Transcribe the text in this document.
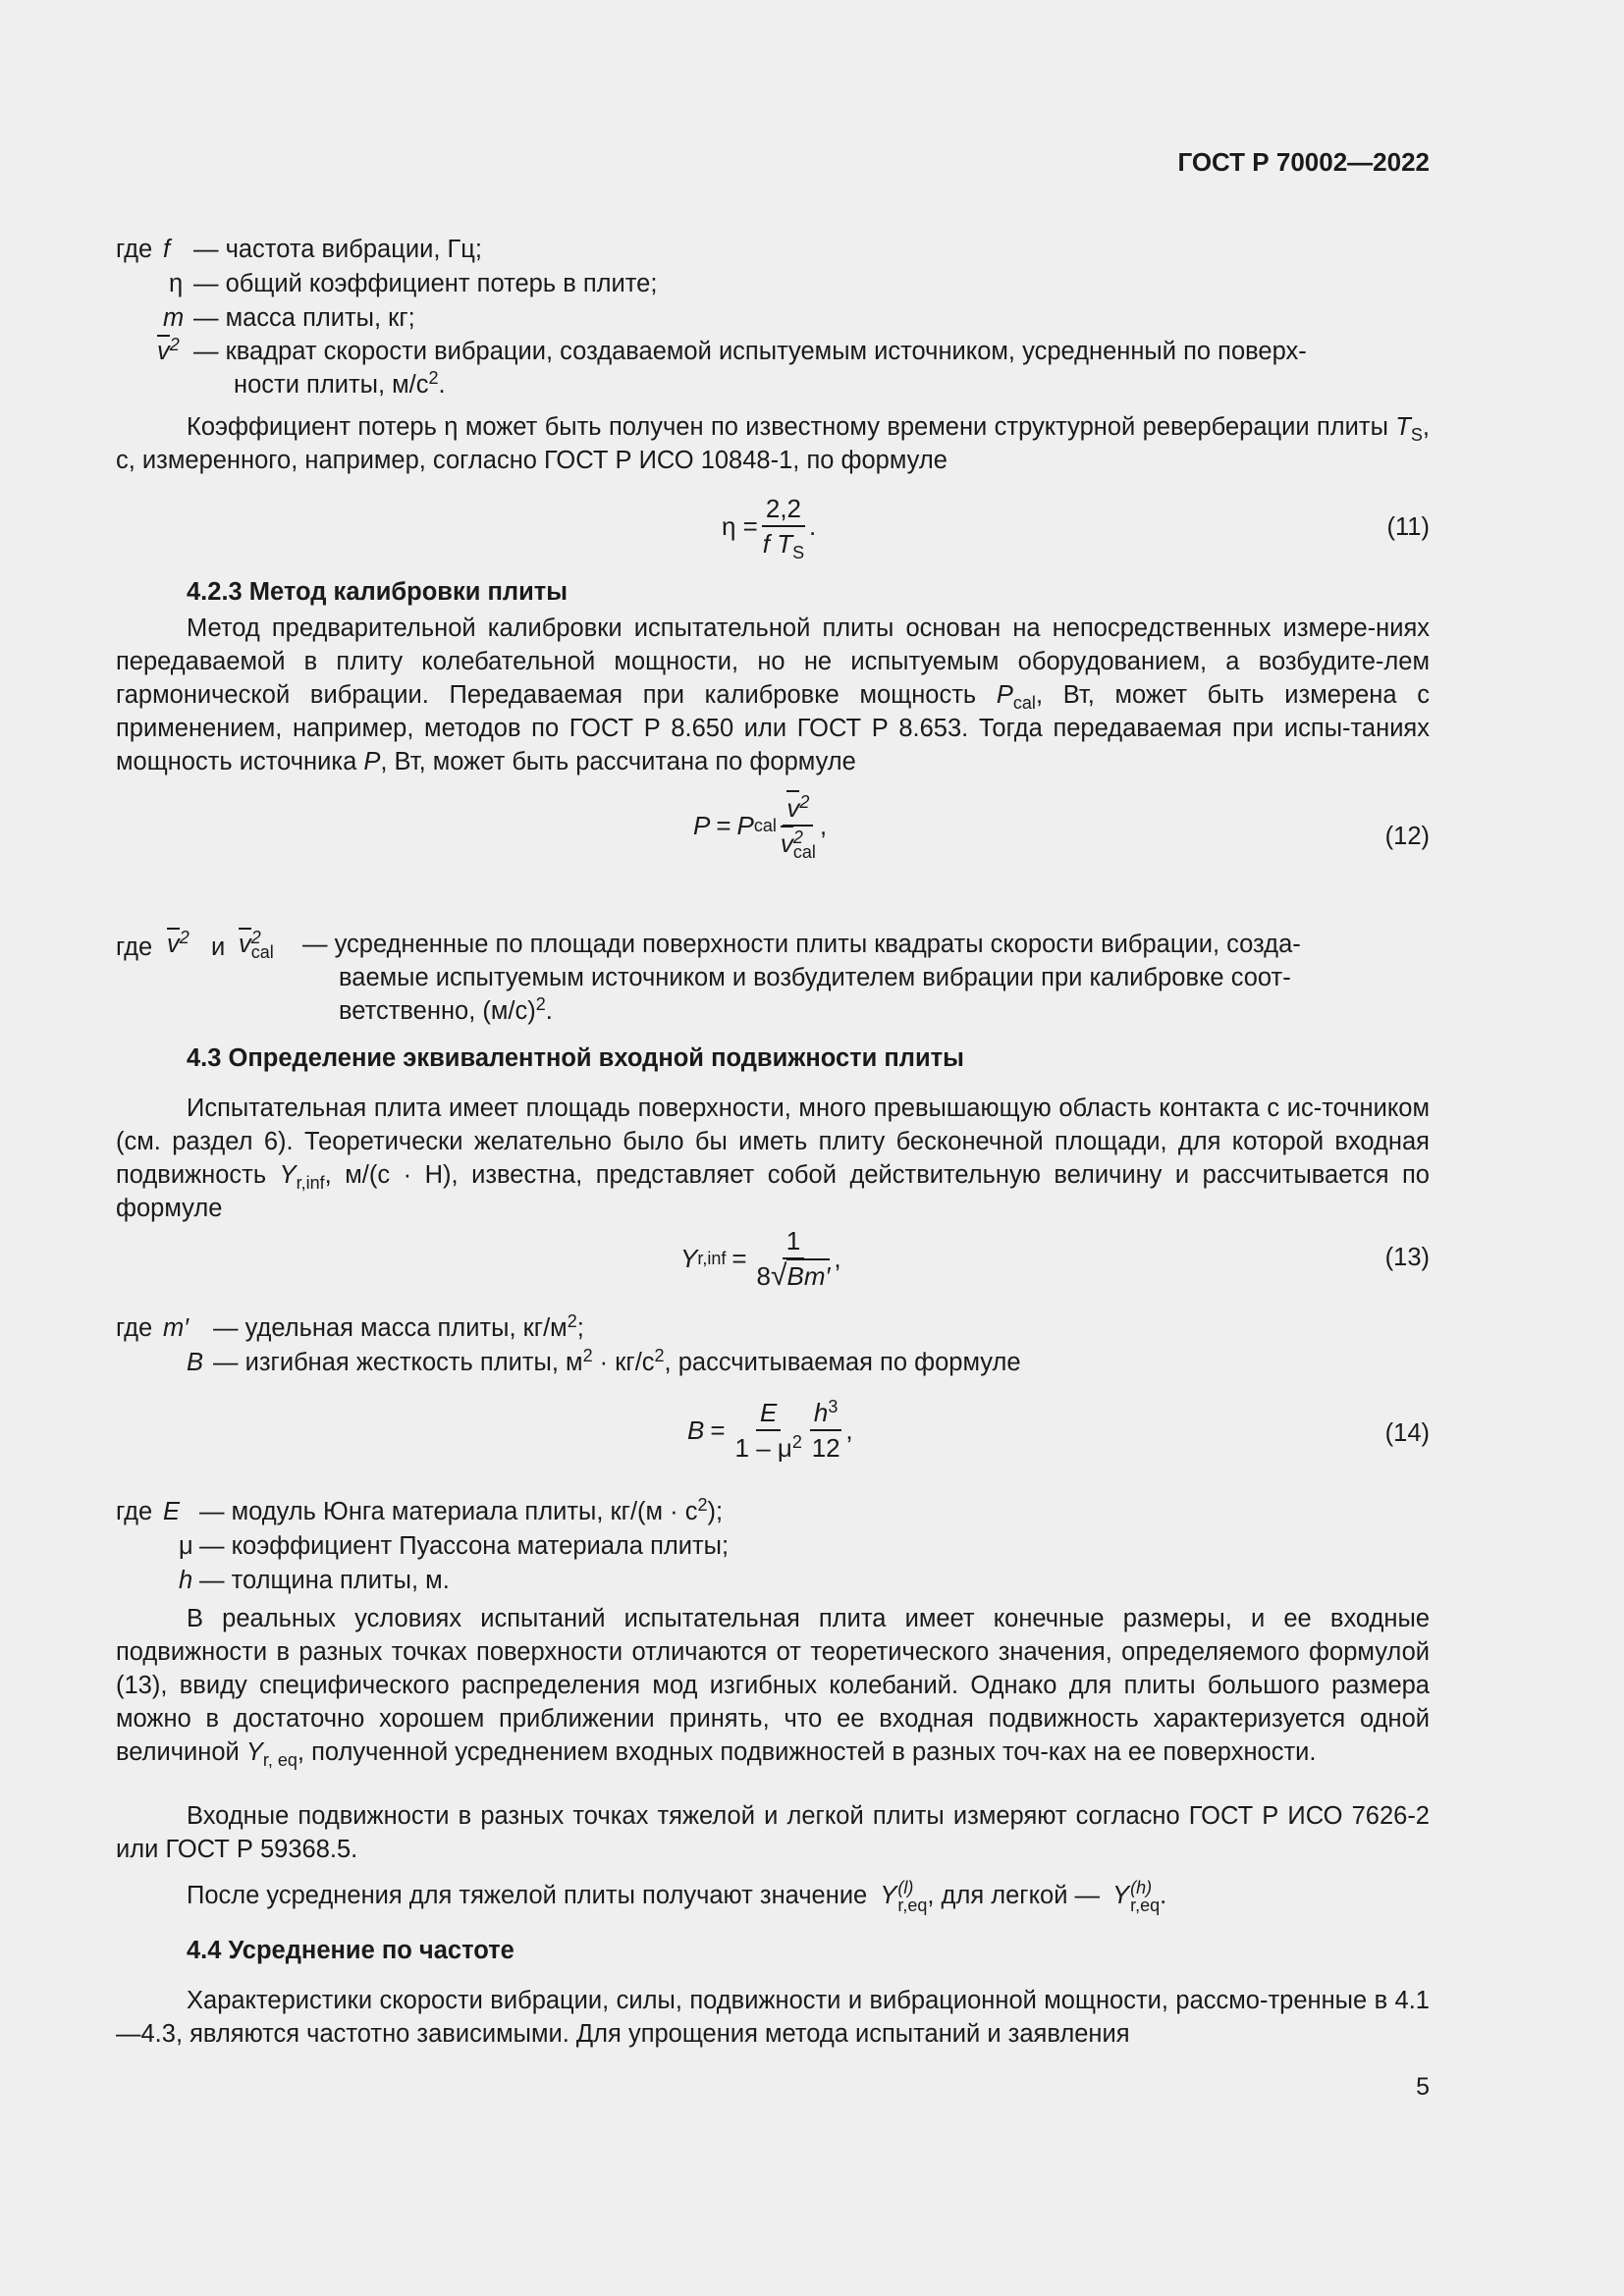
ГОСТ Р 70002—2022
где f — частота вибрации, Гц;
η — общий коэффициент потерь в плите;
m — масса плиты, кг;
$v^2$ — квадрат скорости вибрации, создаваемой испытуемым источником, усредненный по поверх-
ности плиты, $м/с^2$.
Коэффициент потерь η может быть получен по известному времени структурной реверберации плиты $T_S$, с, измеренного, например, согласно ГОСТ Р ИСО 10848-1, по формуле
$\eta = \frac{2,2}{f T_S}$ .	(11)
4.2.3 Метод калибровки плиты
Метод предварительной калибровки испытательной плиты основан на непосредственных измере-ниях передаваемой в плиту колебательной мощности, но не испытуемым оборудованием, а возбудите-лем гармонической вибрации. Передаваемая при калибровке мощность $P_{cal}$, Вт, может быть измерена с применением, например, методов по ГОСТ Р 8.650 или ГОСТ Р 8.653. Тогда передаваемая при испы-таниях мощность источника P, Вт, может быть рассчитана по формуле
P = P cal $\frac{v^2}{v^2_{cal}}$ ,	(12)
где $v^2$ и $v^2_{cal}$ — усредненные по площади поверхности плиты квадраты скорости вибрации, созда-
ваемые испытуемым источником и возбудителем вибрации при калибровке соот-
ветственно, $(м/с)^2$.
4.3 Определение эквивалентной входной подвижности плиты
Испытательная плита имеет площадь поверхности, много превышающую область контакта с ис-точником (см. раздел 6). Теоретически желательно было бы иметь плиту бесконечной площади, для которой входная подвижность $Y_{r,inf}$, м/(с · Н), известна, представляет собой действительную величину и рассчитывается по формуле
Y $r,inf = \frac{1}{8√Bm'}$ ,	(13)
где m′ — удельная масса плиты, $кг/м^2$;
B — изгибная жесткость плиты, $м^2 \cdot кг/с^2$, рассчитываемая по формуле
$B = \frac{E}{1 - \mu^2} \frac{h^3}{12}$ ,	(14)
где E — модуль Юнга материала плиты, $кг/(м \cdot с^2)$;
μ — коэффициент Пуассона материала плиты;
h — толщина плиты, м.
В реальных условиях испытаний испытательная плита имеет конечные размеры, и ее входные подвижности в разных точках поверхности отличаются от теоретического значения, определяемого формулой (13), ввиду специфического распределения мод изгибных колебаний. Однако для плиты большого размера можно в достаточно хорошем приближении принять, что ее входная подвижность характеризуется одной величиной $Y_{r, eq}$, полученной усреднением входных подвижностей в разных точ-ках на ее поверхности.
Входные подвижности в разных точках тяжелой и легкой плиты измеряют согласно ГОСТ Р ИСО 7626-2 или ГОСТ Р 59368.5.
После усреднения для тяжелой плиты получают значение Y (l)
r,eq , для легкой — Y (h)
r,eq .
4.4 Усреднение по частоте
Характеристики скорости вибрации, силы, подвижности и вибрационной мощности, рассмо-тренные в 4.1—4.3, являются частотно зависимыми. Для упрощения метода испытаний и заявления
5
